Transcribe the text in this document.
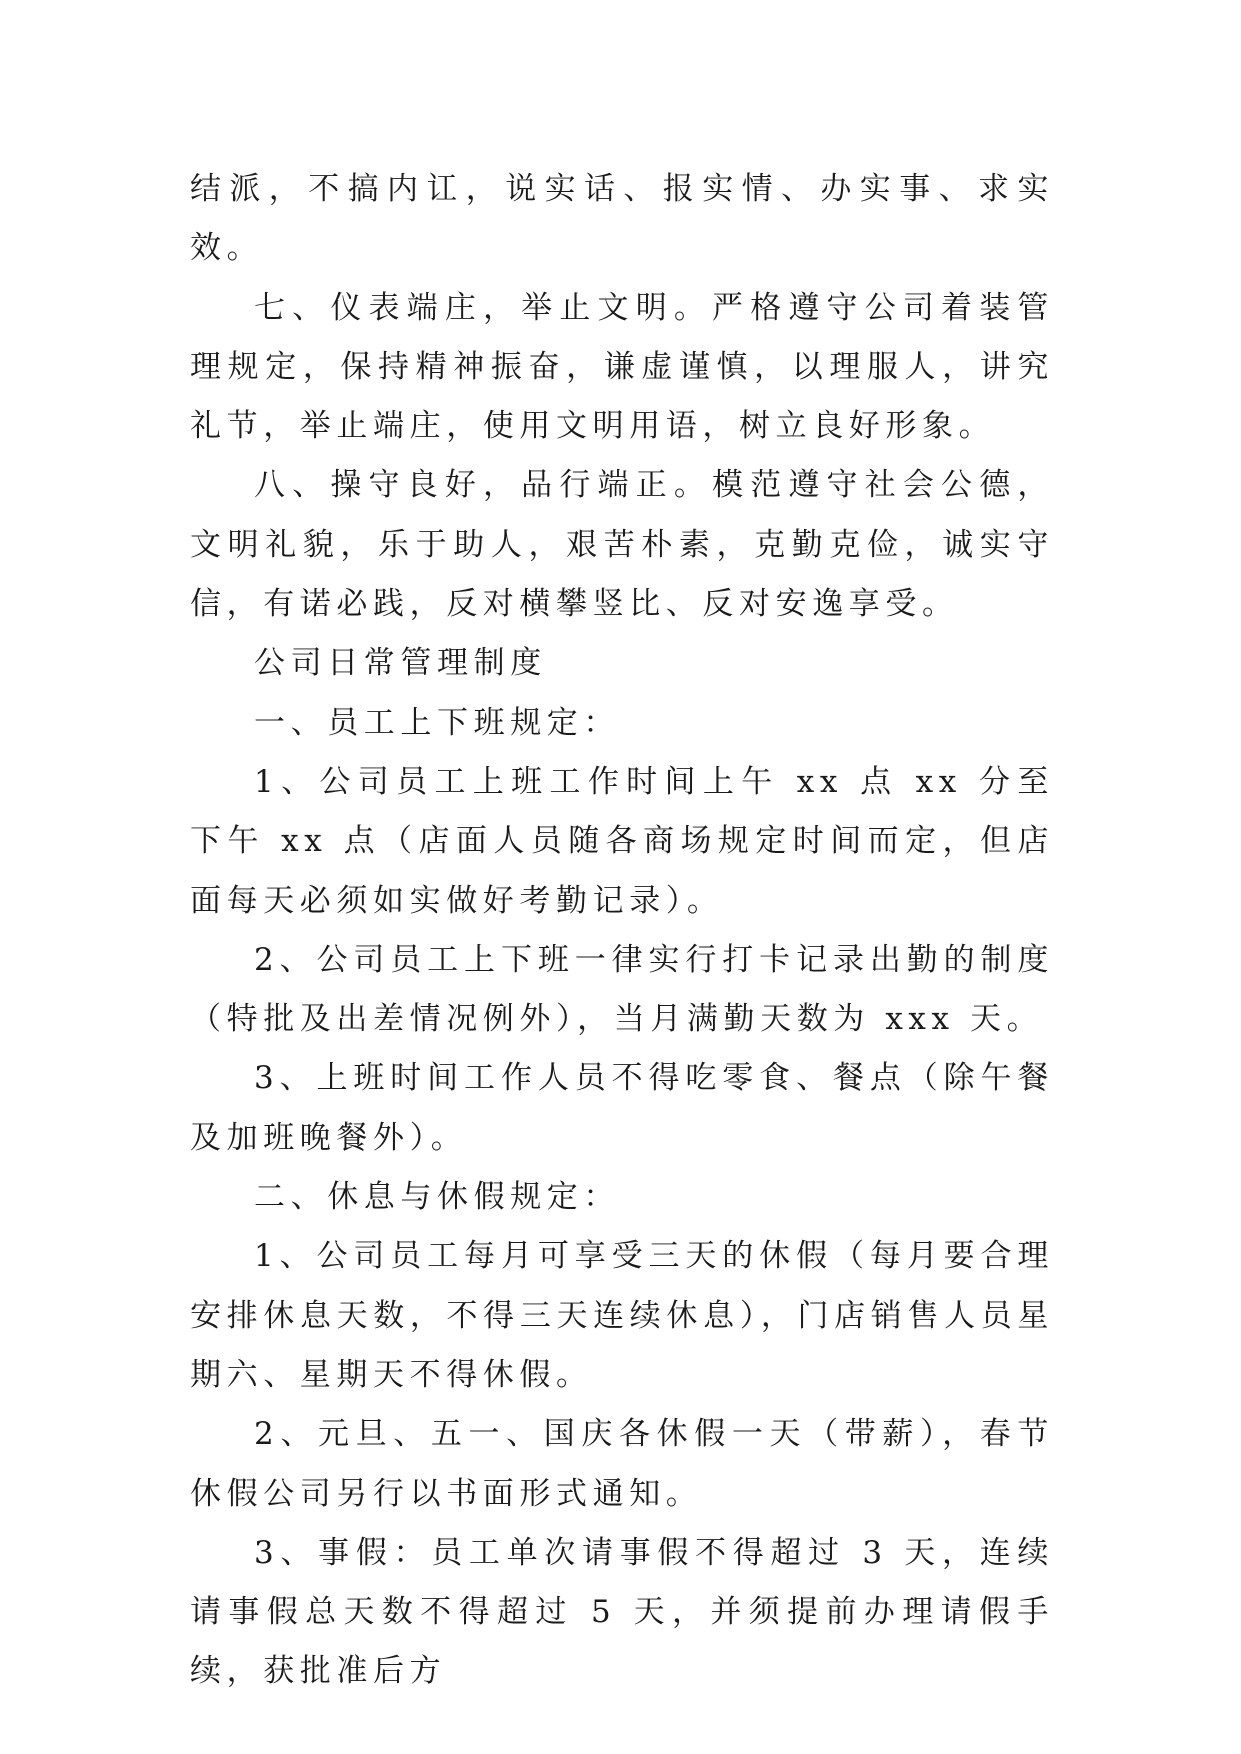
结派，不搞内讧，说实话、报实情、办实事、求实效。

七、仪表端庄，举止文明。严格遵守公司着装管理规定，保持精神振奋，谦虚谨慎，以理服人，讲究礼节，举止端庄，使用文明用语，树立良好形象。

八、操守良好，品行端正。模范遵守社会公德，文明礼貌，乐于助人，艰苦朴素，克勤克俭，诚实守信，有诺必践，反对横攀竖比、反对安逸享受。

公司日常管理制度

一、员工上下班规定：

1、公司员工上班工作时间上午 xx 点 xx 分至下午 xx 点（店面人员随各商场规定时间而定，但店面每天必须如实做好考勤记录）。

2、公司员工上下班一律实行打卡记录出勤的制度（特批及出差情况例外），当月满勤天数为 xxx 天。

3、上班时间工作人员不得吃零食、餐点（除午餐及加班晚餐外）。

二、休息与休假规定：

1、公司员工每月可享受三天的休假（每月要合理安排休息天数，不得三天连续休息），门店销售人员星期六、星期天不得休假。

2、元旦、五一、国庆各休假一天（带薪），春节休假公司另行以书面形式通知。

3、事假：员工单次请事假不得超过 3 天，连续请事假总天数不得超过 5 天，并须提前办理请假手续，获批准后方
